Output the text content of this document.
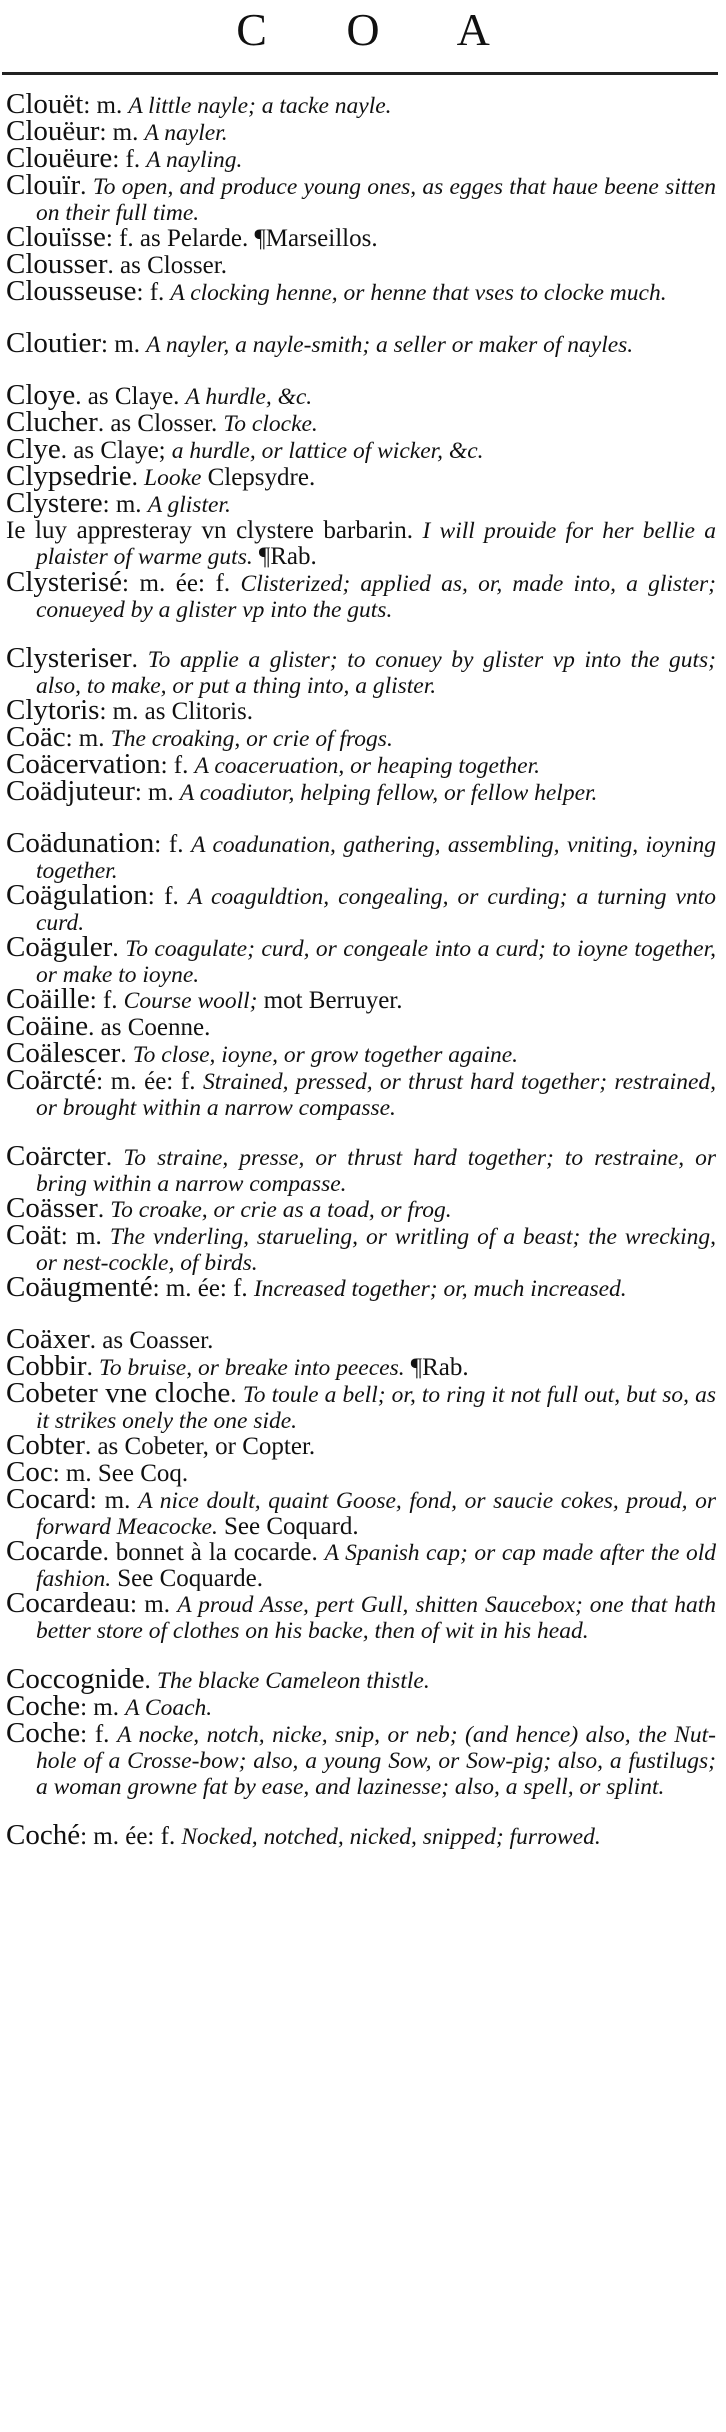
C O A
Clouët: m. A little nayle; a tacke nayle.
Clouëur: m. A nayler.
Clouëure: f. A nayling.
Clouïr. To open, and produce young ones, as egges that haue beene sitten on their full time.
Clouïsse: f. as Pelarde. ¶Marseillos.
Clousser. as Closser.
Clousseuse: f. A clocking henne, or henne that vses to clocke much.
Cloutier: m. A nayler, a nayle-smith; a seller or maker of nayles.
Cloye. as Claye. A hurdle, &c.
Clucher. as Closser. To clocke.
Clye. as Claye; a hurdle, or lattice of wicker, &c.
Clypsedrie. Looke Clepsydre.
Clystere: m. A glister.
Ie luy appresteray vn clystere barbarin. I will prouide for her bellie a plaister of warme guts. ¶Rab.
Clysterisé: m. ée: f. Clisterized; applied as, or, made into, a glister; conueyed by a glister vp into the guts.
Clysteriser. To applie a glister; to conuey by glister vp into the guts; also, to make, or put a thing into, a glister.
Clytoris: m. as Clitoris.
Coäc: m. The croaking, or crie of frogs.
Coäcervation: f. A coaceruation, or heaping together.
Coädjuteur: m. A coadiutor, helping fellow, or fellow helper.
Coädunation: f. A coadunation, gathering, assembling, vniting, ioyning together.
Coägulation: f. A coaguldtion, congealing, or curding; a turning vnto curd.
Coäguler. To coagulate; curd, or congeale into a curd; to ioyne together, or make to ioyne.
Coäille: f. Course wooll; mot Berruyer.
Coäine. as Coenne.
Coälescer. To close, ioyne, or grow together againe.
Coärcté: m. ée: f. Strained, pressed, or thrust hard together; restrained, or brought within a narrow compasse.
Coärcter. To straine, presse, or thrust hard together; to restraine, or bring within a narrow compasse.
Coässer. To croake, or crie as a toad, or frog.
Coät: m. The vnderling, starueling, or writling of a beast; the wrecking, or nest-cockle, of birds.
Coäugmenté: m. ée: f. Increased together; or, much increased.
Coäxer. as Coasser.
Cobbir. To bruise, or breake into peeces. ¶Rab.
Cobeter vne cloche. To toule a bell; or, to ring it not full out, but so, as it strikes onely the one side.
Cobter. as Cobeter, or Copter.
Coc: m. See Coq.
Cocard: m. A nice doult, quaint Goose, fond, or saucie cokes, proud, or forward Meacocke. See Coquard.
Cocarde. bonnet à la cocarde. A Spanish cap; or cap made after the old fashion. See Coquarde.
Cocardeau: m. A proud Asse, pert Gull, shitten Saucebox; one that hath better store of clothes on his backe, then of wit in his head.
Coccognide. The blacke Cameleon thistle.
Coche: m. A Coach.
Coche: f. A nocke, notch, nicke, snip, or neb; (and hence) also, the Nut-hole of a Crosse-bow; also, a young Sow, or Sow-pig; also, a fustilugs; a woman growne fat by ease, and lazinesse; also, a spell, or splint.
Coché: m. ée: f. Nocked, notched, nicked, snipped; furrowed.
